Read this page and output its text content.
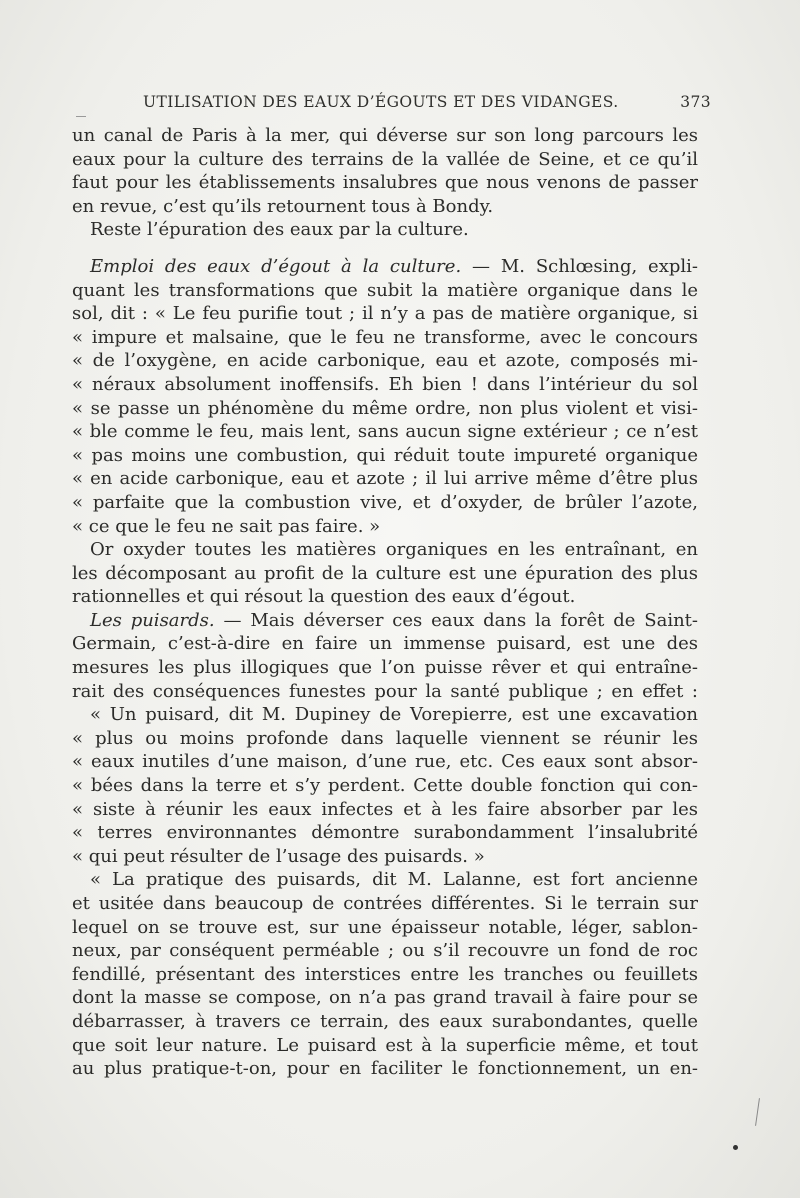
UTILISATION DES EAUX D’ÉGOUTS ET DES VIDANGES.	373
un canal de Paris à la mer, qui déverse sur son long parcours les
eaux pour la culture des terrains de la vallée de Seine, et ce qu’il
faut pour les établissements insalubres que nous venons de passer
en revue, c’est qu’ils retournent tous à Bondy.
Reste l’épuration des eaux par la culture.
Emploi des eaux d’égout à la culture. — M. Schlœsing, expli-
quant les transformations que subit la matière organique dans le
sol, dit : « Le feu purifie tout ; il n’y a pas de matière organique, si
« impure et malsaine, que le feu ne transforme, avec le concours
« de l’oxygène, en acide carbonique, eau et azote, composés mi-
« néraux absolument inoffensifs. Eh bien ! dans l’intérieur du sol
« se passe un phénomène du même ordre, non plus violent et visi-
« ble comme le feu, mais lent, sans aucun signe extérieur ; ce n’est
« pas moins une combustion, qui réduit toute impureté organique
« en acide carbonique, eau et azote ; il lui arrive même d’être plus
« parfaite que la combustion vive, et d’oxyder, de brûler l’azote,
« ce que le feu ne sait pas faire. »
Or oxyder toutes les matières organiques en les entraînant, en
les décomposant au profit de la culture est une épuration des plus
rationnelles et qui résout la question des eaux d’égout.
Les puisards. — Mais déverser ces eaux dans la forêt de Saint-
Germain, c’est-à-dire en faire un immense puisard, est une des
mesures les plus illogiques que l’on puisse rêver et qui entraîne-
rait des conséquences funestes pour la santé publique ; en effet :
« Un puisard, dit M. Dupiney de Vorepierre, est une excavation
« plus ou moins profonde dans laquelle viennent se réunir les
« eaux inutiles d’une maison, d’une rue, etc. Ces eaux sont absor-
« bées dans la terre et s’y perdent. Cette double fonction qui con-
« siste à réunir les eaux infectes et à les faire absorber par les
« terres environnantes démontre surabondamment l’insalubrité
« qui peut résulter de l’usage des puisards. »
« La pratique des puisards, dit M. Lalanne, est fort ancienne
et usitée dans beaucoup de contrées différentes. Si le terrain sur
lequel on se trouve est, sur une épaisseur notable, léger, sablon-
neux, par conséquent perméable ; ou s’il recouvre un fond de roc
fendillé, présentant des interstices entre les tranches ou feuillets
dont la masse se compose, on n’a pas grand travail à faire pour se
débarrasser, à travers ce terrain, des eaux surabondantes, quelle
que soit leur nature. Le puisard est à la superficie même, et tout
au plus pratique-t-on, pour en faciliter le fonctionnement, un en-
